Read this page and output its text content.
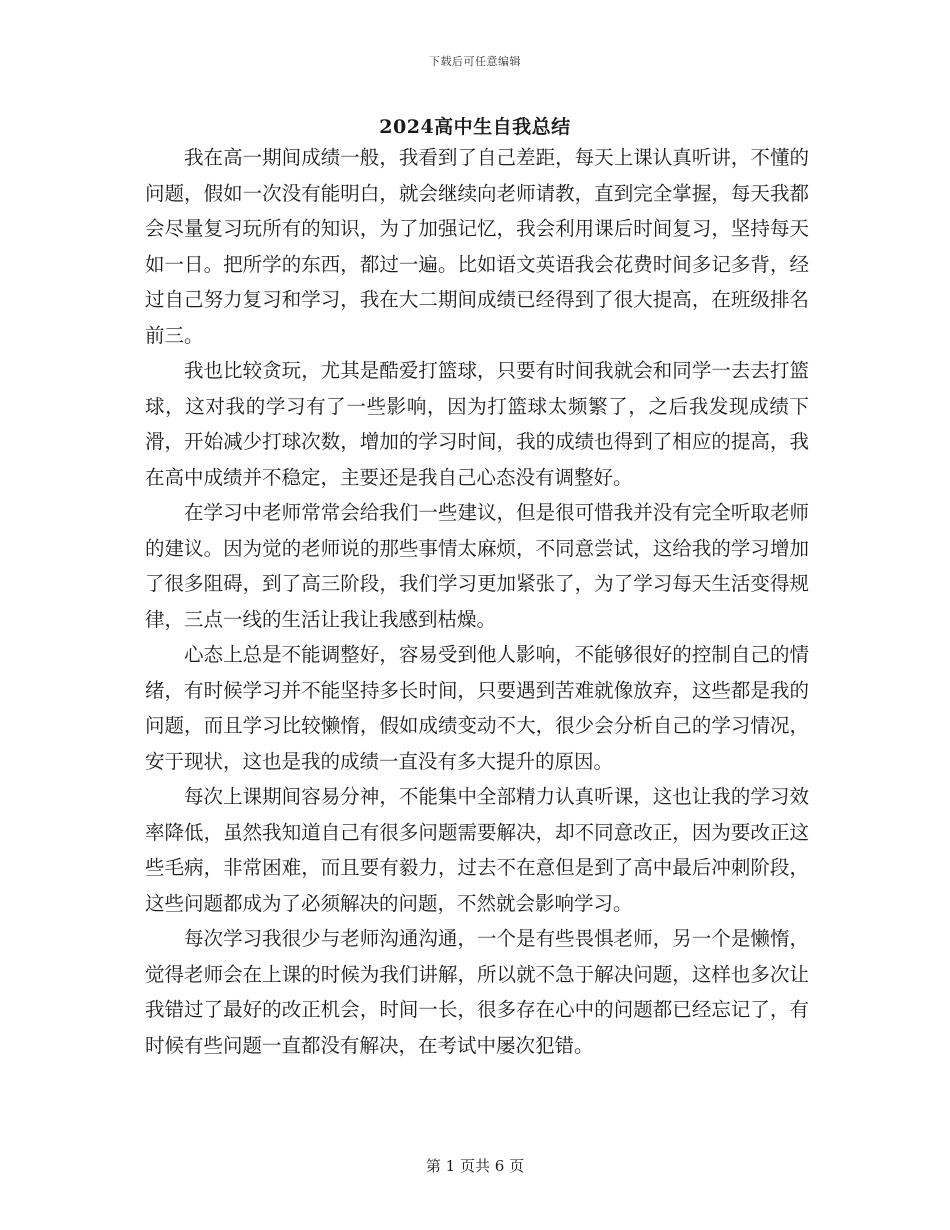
下载后可任意编辑
2024高中生自我总结

我在高一期间成绩一般，我看到了自己差距，每天上课认真听讲，不懂的问题，假如一次没有能明白，就会继续向老师请教，直到完全掌握，每天我都会尽量复习玩所有的知识，为了加强记忆，我会利用课后时间复习，坚持每天如一日。把所学的东西，都过一遍。比如语文英语我会花费时间多记多背，经过自己努力复习和学习，我在大二期间成绩已经得到了很大提高，在班级排名前三。

我也比较贪玩，尤其是酷爱打篮球，只要有时间我就会和同学一去去打篮球，这对我的学习有了一些影响，因为打篮球太频繁了，之后我发现成绩下滑，开始减少打球次数，增加的学习时间，我的成绩也得到了相应的提高，我在高中成绩并不稳定，主要还是我自己心态没有调整好。

在学习中老师常常会给我们一些建议，但是很可惜我并没有完全听取老师的建议。因为觉的老师说的那些事情太麻烦，不同意尝试，这给我的学习增加了很多阻碍，到了高三阶段，我们学习更加紧张了，为了学习每天生活变得规律，三点一线的生活让我让我感到枯燥。

心态上总是不能调整好，容易受到他人影响，不能够很好的控制自己的情绪，有时候学习并不能坚持多长时间，只要遇到苦难就像放弃，这些都是我的问题，而且学习比较懒惰，假如成绩变动不大，很少会分析自己的学习情况，安于现状，这也是我的成绩一直没有多大提升的原因。

每次上课期间容易分神，不能集中全部精力认真听课，这也让我的学习效率降低，虽然我知道自己有很多问题需要解决，却不同意改正，因为要改正这些毛病，非常困难，而且要有毅力，过去不在意但是到了高中最后冲刺阶段，这些问题都成为了必须解决的问题，不然就会影响学习。

每次学习我很少与老师沟通沟通，一个是有些畏惧老师，另一个是懒惰，觉得老师会在上课的时候为我们讲解，所以就不急于解决问题，这样也多次让我错过了最好的改正机会，时间一长，很多存在心中的问题都已经忘记了，有时候有些问题一直都没有解决，在考试中屡次犯错。

第 1 页共 6 页
